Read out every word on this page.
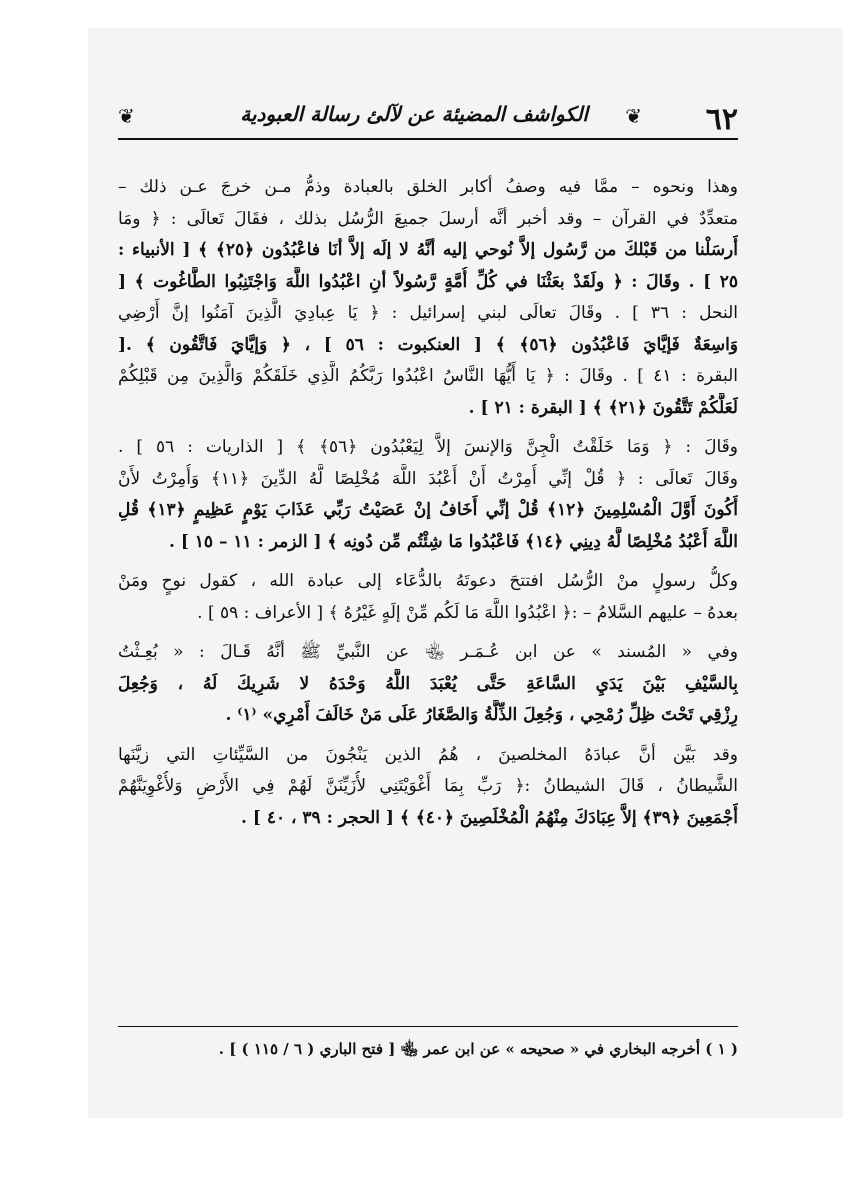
٦٢
❦
الكواشف المضيئة عن لآلئ رسالة العبودية
❦
وهذا ونحوه – ممَّا فيه وصفُ أكابر الخلق بالعبادة وذمُّ مـن خرجَ عـن ذلك –
متعدِّدٌ في القرآن – وقد أخبر أنَّه أرسلَ جميعَ الرُّسُل بذلك ، فقَالَ تَعالَى : ﴿ ومَا
أَرسَلْنا من قَبْلكَ من رَّسُول إلاَّ نُوحي إليه أنَّهُ لا إلَه إلاَّ أنَا فاعْبُدُون ﴿٢٥﴾ ﴾ [ الأنبياء :
٢٥ ] . وقَالَ : ﴿ ولَقَدْ بعَثْنَا في كُلِّ أُمَّةٍ رَّسُولاً أنِ اعْبُدُوا اللَّهَ وَاجْتَنِبُوا الطَّاغُوت ﴾ [
النحل : ٣٦ ] . وقَالَ تعالَى لبني إسرائيل : ﴿ يَا عِبادِيَ الَّذِينَ آمَنُوا إنَّ أَرْضِي
وَاسِعَةٌ فَإيَّايَ فَاعْبُدُون ﴿٥٦﴾ ﴾ [ العنكبوت : ٥٦ ] ، ﴿ وَإيَّايَ فَاتَّقُون ﴾ .[
البقرة : ٤١ ] . وقَالَ : ﴿ يَا أَيُّهَا النَّاسُ اعْبُدُوا رَبَّكُمُ الَّذِي خَلَقَكُمْ وَالَّذِينَ مِن قَبْلِكُمْ
لَعَلَّكُمْ تَتَّقُونَ ﴿٢١﴾ ﴾ [ البقرة : ٢١ ] .
وقَالَ : ﴿ وَمَا خَلَقْتُ الْجِنَّ وَالإنسَ إلاَّ لِيَعْبُدُون ﴿٥٦﴾ ﴾ [ الذاريات : ٥٦ ] .
وقَالَ تَعالَى : ﴿ قُلْ إنِّي أُمِرْتُ أَنْ أَعْبُدَ اللَّهَ مُخْلِصًا لَّهُ الدِّينَ ﴿١١﴾ وَأُمِرْتُ لأَنْ
أَكُونَ أَوَّلَ الْمُسْلِمِينَ ﴿١٢﴾ قُلْ إنِّي أَخَافُ إنْ عَصَيْتُ رَبِّي عَذَابَ يَوْمٍ عَظِيمٍ ﴿١٣﴾ قُلِ
اللَّهَ أَعْبُدُ مُخْلِصًا لَّهُ دِينِي ﴿١٤﴾ فَاعْبُدُوا مَا شِئْتُم مِّن دُونِه ﴾ [ الزمر : ١١ – ١٥ ] .
وكلُّ رسولٍ منْ الرُّسُل افتتحَ دعوتَهُ بالدُّعَاء إلى عبادة الله ، كقول نوحٍ ومَنْ
بعدهُ – عليهم السَّلامُ – :﴿ اعْبُدُوا اللَّهَ مَا لَكُم مِّنْ إلَهٍ غَيْرُهُ ﴾ [ الأعراف : ٥٩ ] .
وفي « المُسند » عن ابن عُـمَـر ﵄ عن النَّبيِّ ﷺ أنَّهُ قَـالَ : « بُعِـثْتُ
بِالسَّيْفِ بَيْنَ يَدَيِ السَّاعَةِ حَتَّى يُعْبَدَ اللَّهُ وَحْدَهُ لا شَرِيكَ لَهُ ، وَجُعِلَ
رِزْقِي تَحْتَ ظِلِّ رُمْحِي ، وَجُعِلَ الذِّلَّةُ وَالصَّغَارُ عَلَى مَنْ خَالَفَ أَمْرِي» ⁽١⁾ .
وقد بَيَّن أنَّ عبادَهُ المخلصينَ ، هُمُ الذين يَنْجُونَ من السَّيِّئاتِ التي زيَّنَها
الشَّيطانُ ، قَالَ الشيطانُ :﴿ رَبِّ بِمَا أَغْوَيْتَنِي لأُزَيِّنَنَّ لَهُمْ فِي الأَرْضِ وَلأُغْوِيَنَّهُمْ
أَجْمَعِينَ ﴿٣٩﴾ إلاَّ عِبَادَكَ مِنْهُمُ الْمُخْلَصِينَ ﴿٤٠﴾ ﴾ [ الحجر : ٣٩ ، ٤٠ ] .
( ١ ) أخرجه البخاري في « صحيحه » عن ابن عمر ﵄ [ فتح الباري ( ٦ / ١١٥ ) ] .
